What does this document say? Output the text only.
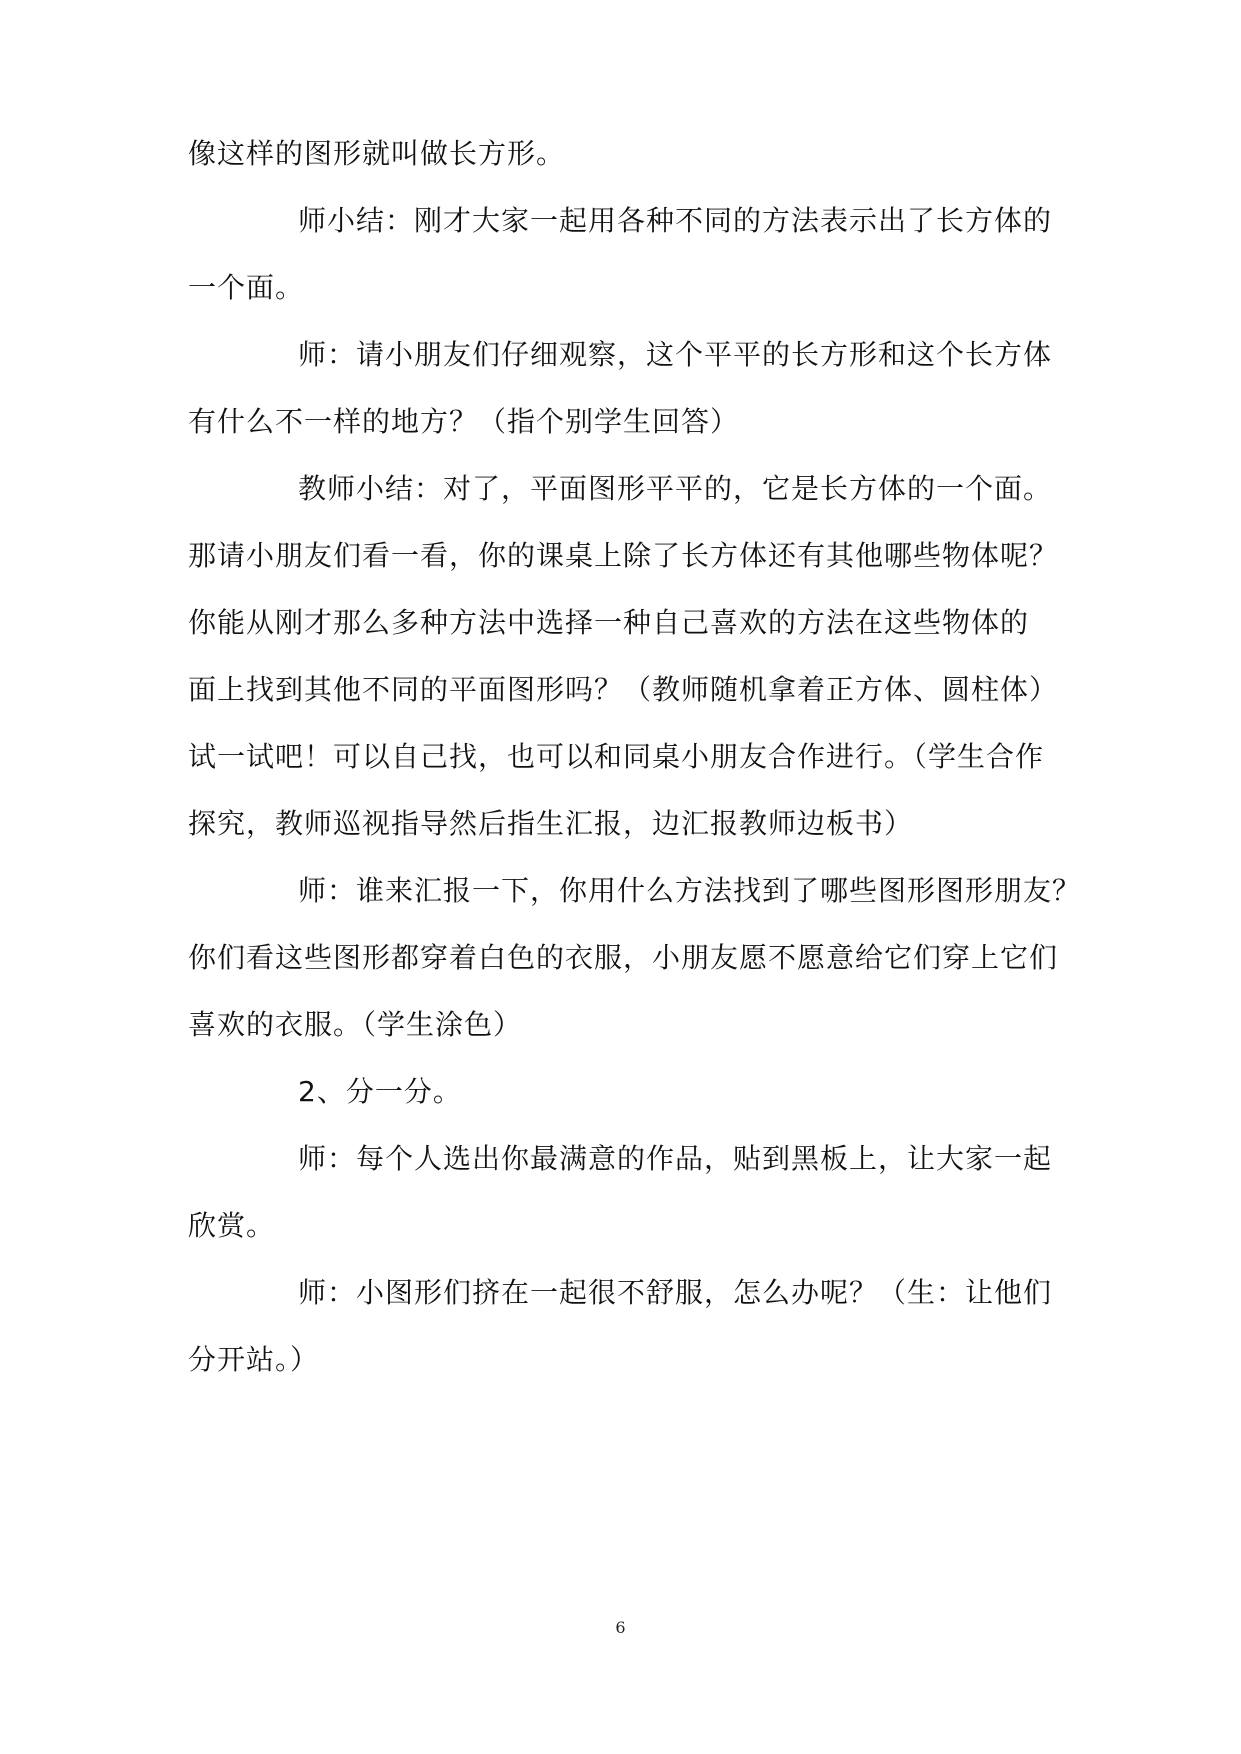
像这样的图形就叫做长方形。
师小结：刚才大家一起用各种不同的方法表示出了长方体的
一个面。
师：请小朋友们仔细观察，这个平平的长方形和这个长方体
有什么不一样的地方？（指个别学生回答）
教师小结：对了，平面图形平平的，它是长方体的一个面。
那请小朋友们看一看，你的课桌上除了长方体还有其他哪些物体呢？
你能从刚才那么多种方法中选择一种自己喜欢的方法在这些物体的
面上找到其他不同的平面图形吗？（教师随机拿着正方体、圆柱体）
试一试吧！可以自己找，也可以和同桌小朋友合作进行。（学生合作
探究，教师巡视指导然后指生汇报，边汇报教师边板书）
师：谁来汇报一下，你用什么方法找到了哪些图形图形朋友？
你们看这些图形都穿着白色的衣服，小朋友愿不愿意给它们穿上它们
喜欢的衣服。（学生涂色）
2、分一分。
师：每个人选出你最满意的作品，贴到黑板上，让大家一起
欣赏。
师：小图形们挤在一起很不舒服，怎么办呢？（生：让他们
分开站。）
6
